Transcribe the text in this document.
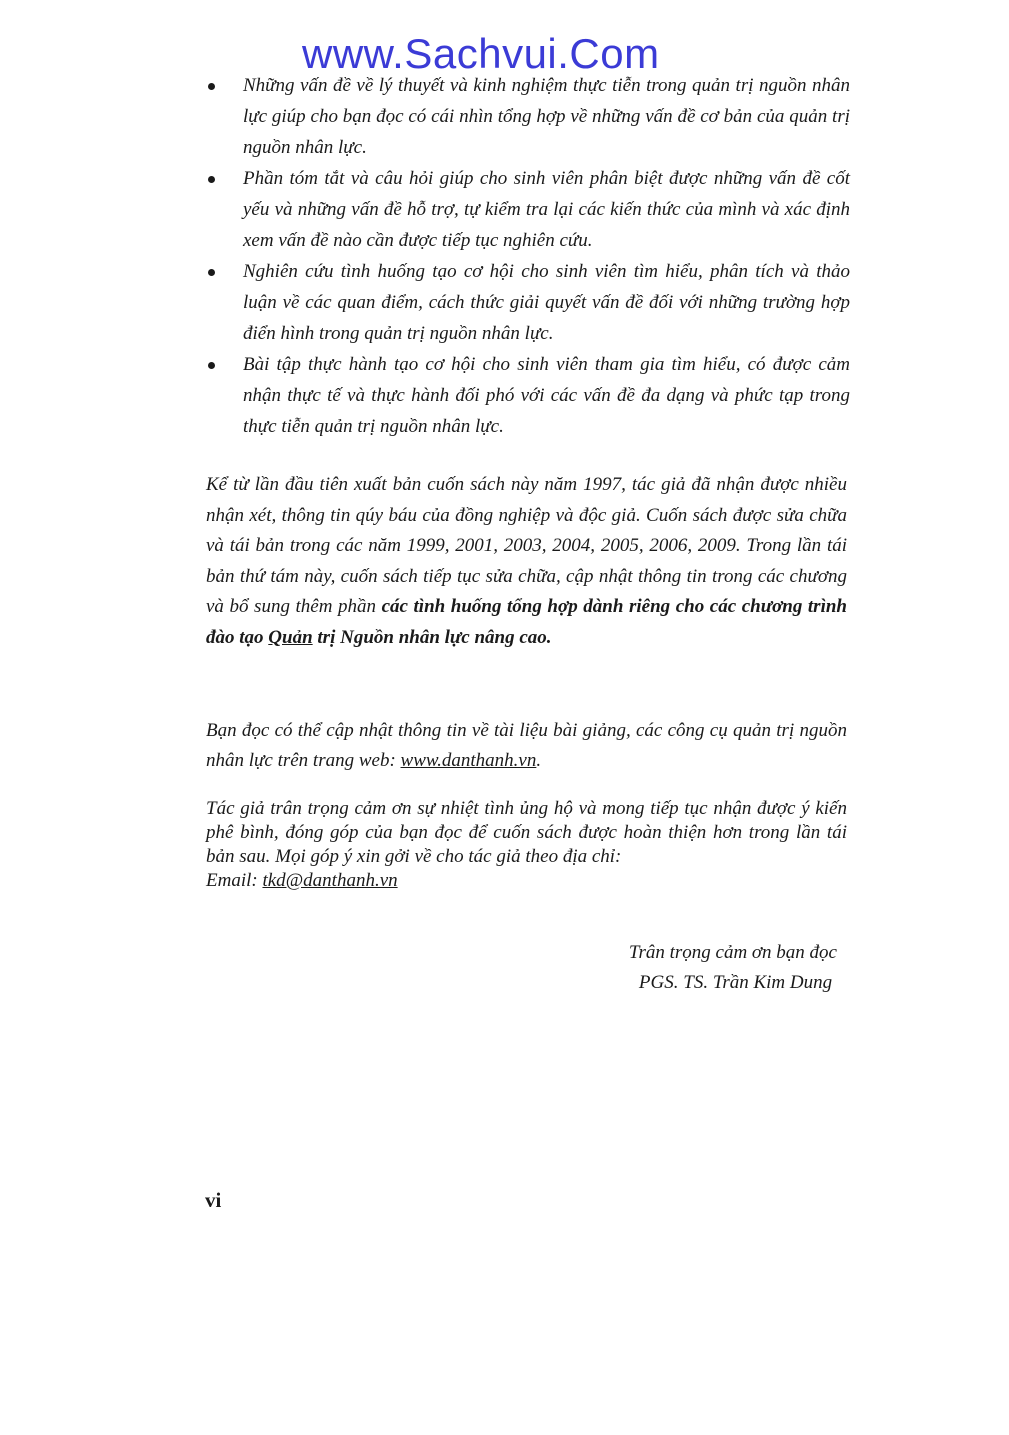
www.Sachvui.Com
Những vấn đề về lý thuyết và kinh nghiệm thực tiễn trong quản trị nguồn nhân lực giúp cho bạn đọc có cái nhìn tổng hợp về những vấn đề cơ bản của quản trị nguồn nhân lực.
Phần tóm tắt và câu hỏi giúp cho sinh viên phân biệt được những vấn đề cốt yếu và những vấn đề hỗ trợ, tự kiểm tra lại các kiến thức của mình và xác định xem vấn đề nào cần được tiếp tục nghiên cứu.
Nghiên cứu tình huống tạo cơ hội cho sinh viên tìm hiểu, phân tích và thảo luận về các quan điểm, cách thức giải quyết vấn đề đối với những trường hợp điển hình trong quản trị nguồn nhân lực.
Bài tập thực hành tạo cơ hội cho sinh viên tham gia tìm hiểu, có được cảm nhận thực tế và thực hành đối phó với các vấn đề đa dạng và phức tạp trong thực tiễn quản trị nguồn nhân lực.

Kể từ lần đầu tiên xuất bản cuốn sách này năm 1997, tác giả đã nhận được nhiều nhận xét, thông tin qúy báu của đồng nghiệp và độc giả. Cuốn sách được sửa chữa và tái bản trong các năm 1999, 2001, 2003, 2004, 2005, 2006, 2009. Trong lần tái bản thứ tám này, cuốn sách tiếp tục sửa chữa, cập nhật thông tin trong các chương và bổ sung thêm phần các tình huống tổng hợp dành riêng cho các chương trình đào tạo Quản trị Nguồn nhân lực nâng cao.

Bạn đọc có thể cập nhật thông tin về tài liệu bài giảng, các công cụ quản trị nguồn nhân lực trên trang web: www.danthanh.vn.

Tác giả trân trọng cảm ơn sự nhiệt tình ủng hộ và mong tiếp tục nhận được ý kiến phê bình, đóng góp của bạn đọc để cuốn sách được hoàn thiện hơn trong lần tái bản sau. Mọi góp ý xin gởi về cho tác giả theo địa chỉ:
Email: tkd@danthanh.vn

Trân trọng cảm ơn bạn đọc
PGS. TS. Trần Kim Dung
vi
